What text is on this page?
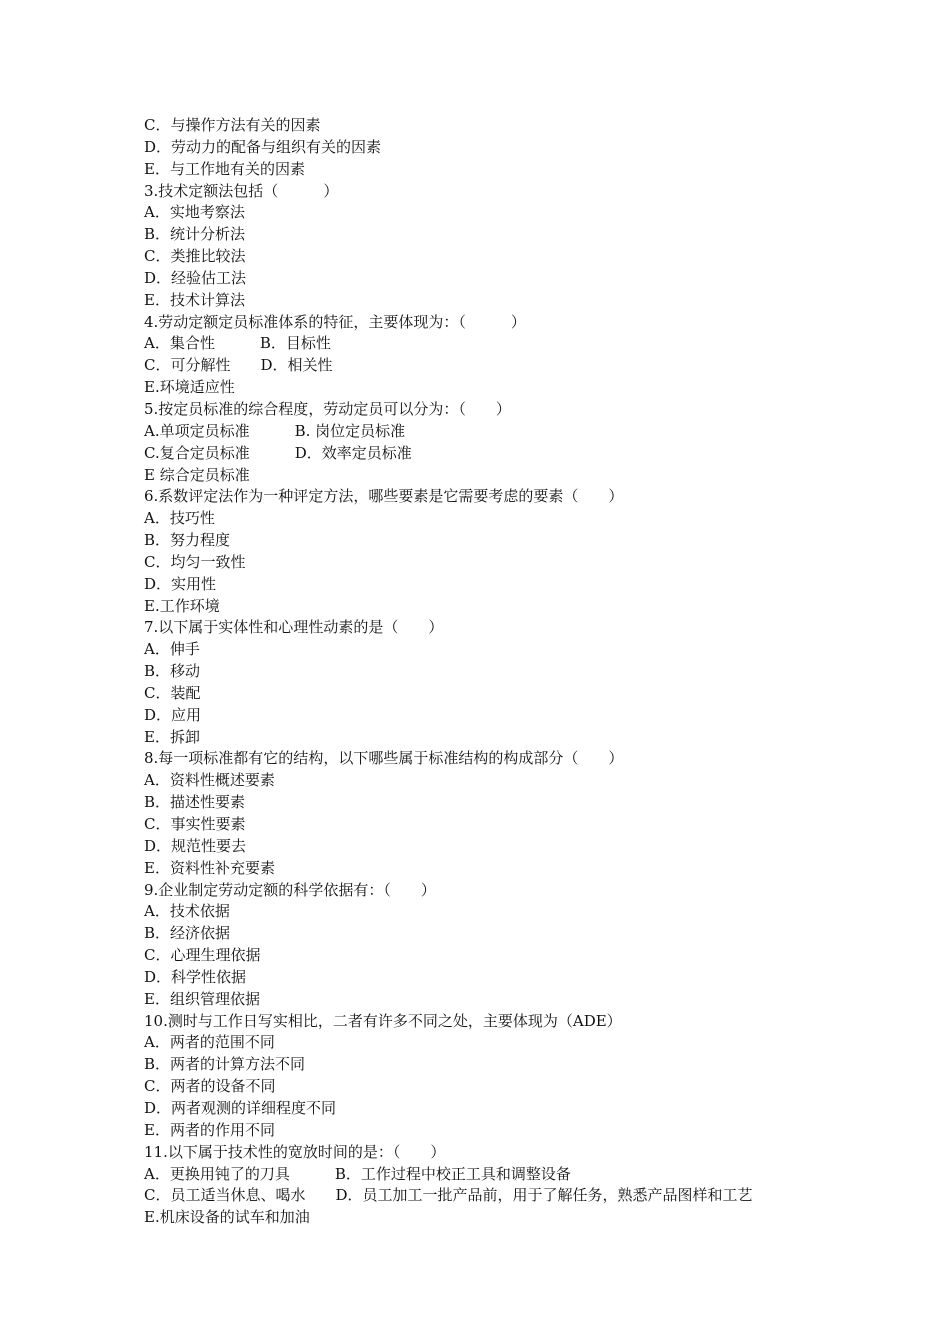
C．与操作方法有关的因素
D．劳动力的配备与组织有关的因素
E．与工作地有关的因素
3.技术定额法包括（　　　）
A．实地考察法
B．统计分析法
C．类推比较法
D．经验估工法
E．技术计算法
4.劳动定额定员标准体系的特征，主要体现为：（　　　）
A．集合性　　　B．目标性
C．可分解性　　D．相关性
E.环境适应性
5.按定员标准的综合程度，劳动定员可以分为：（　　）
A.单项定员标准　　　B. 岗位定员标准
C.复合定员标准　　　D．效率定员标准
E 综合定员标准
6.系数评定法作为一种评定方法，哪些要素是它需要考虑的要素（　　）
A．技巧性
B．努力程度
C．均匀一致性
D．实用性
E.工作环境
7.以下属于实体性和心理性动素的是（　　）
A．伸手
B．移动
C．装配
D．应用
E．拆卸
8.每一项标准都有它的结构，以下哪些属于标准结构的构成部分（　　）
A．资料性概述要素
B．描述性要素
C．事实性要素
D．规范性要去
E．资料性补充要素
9.企业制定劳动定额的科学依据有：（　　）
A．技术依据
B．经济依据
C．心理生理依据
D．科学性依据
E．组织管理依据
10.测时与工作日写实相比，二者有许多不同之处，主要体现为（ADE）
A．两者的范围不同
B．两者的计算方法不同
C．两者的设备不同
D．两者观测的详细程度不同
E．两者的作用不同
11.以下属于技术性的宽放时间的是：（　　）
A．更换用钝了的刀具　　　B．工作过程中校正工具和调整设备
C．员工适当休息、喝水　　D．员工加工一批产品前，用于了解任务，熟悉产品图样和工艺
E.机床设备的试车和加油
